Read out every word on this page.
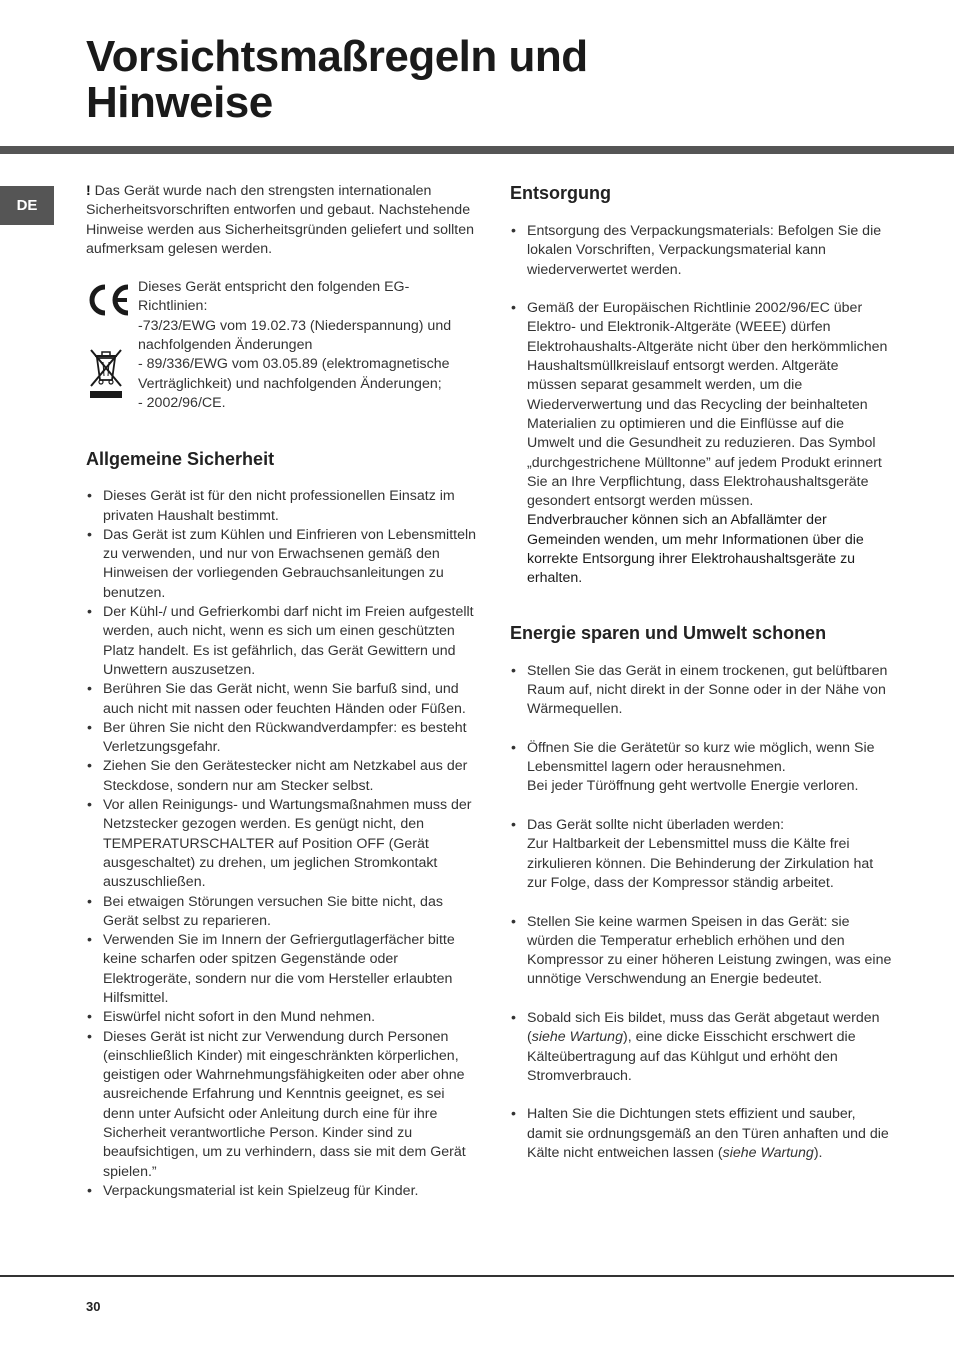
Vorsichtsmaßregeln und
Hinweise
DE

! Das Gerät wurde nach den strengsten internationalen Sicherheitsvorschriften entworfen und gebaut. Nachstehende Hinweise werden aus Sicherheitsgründen geliefert und sollten aufmerksam gelesen werden.

Dieses Gerät entspricht den folgenden EG-Richtlinien:

-73/23/EWG vom 19.02.73 (Niederspannung) und nachfolgenden Änderungen

- 89/336/EWG vom 03.05.89 (elektromagnetische Verträglichkeit) und nachfolgenden Änderungen;

- 2002/96/CE.

Allgemeine Sicherheit
• Dieses Gerät ist für den nicht professionellen Einsatz im privaten Haushalt bestimmt.
• Das Gerät ist zum Kühlen und Einfrieren von Lebensmitteln zu verwenden, und nur von Erwachsenen gemäß den Hinweisen der vorliegenden Gebrauchsanleitungen zu benutzen.
• Der Kühl-/ und Gefrierkombi darf nicht im Freien aufgestellt werden, auch nicht, wenn es sich um einen geschützten Platz handelt. Es ist gefährlich, das Gerät Gewittern und Unwettern auszusetzen.
• Berühren Sie das Gerät nicht, wenn Sie barfuß sind, und auch nicht mit nassen oder feuchten Händen oder Füßen.
• Ber ühren Sie nicht den Rückwandverdampfer: es besteht Verletzungsgefahr.
• Ziehen Sie den Gerätestecker nicht am Netzkabel aus der Steckdose, sondern nur am Stecker selbst.
• Vor allen Reinigungs- und Wartungsmaßnahmen muss der Netzstecker gezogen werden. Es genügt nicht, den TEMPERATURSCHALTER auf Position OFF (Gerät ausgeschaltet) zu drehen, um jeglichen Stromkontakt auszuschließen.
• Bei etwaigen Störungen versuchen Sie bitte nicht, das Gerät selbst zu reparieren.
• Verwenden Sie im Innern der Gefriergutlagerfächer bitte keine scharfen oder spitzen Gegenstände oder Elektrogeräte, sondern nur die vom Hersteller erlaubten Hilfsmittel.
• Eiswürfel nicht sofort in den Mund nehmen.
• Dieses Gerät ist nicht zur Verwendung durch Personen (einschließlich Kinder) mit eingeschränkten körperlichen, geistigen oder Wahrnehmungsfähigkeiten oder aber ohne ausreichende Erfahrung und Kenntnis geeignet, es sei denn unter Aufsicht oder Anleitung durch eine für ihre Sicherheit verantwortliche Person. Kinder sind zu beaufsichtigen, um zu verhindern, dass sie mit dem Gerät spielen.”
• Verpackungsmaterial ist kein Spielzeug für Kinder.
Entsorgung
• Entsorgung des Verpackungsmaterials: Befolgen Sie die lokalen Vorschriften, Verpackungsmaterial kann wiederverwertet werden.
• Gemäß der Europäischen Richtlinie 2002/96/EC über Elektro- und Elektronik-Altgeräte (WEEE) dürfen Elektrohaushalts-Altgeräte nicht über den herkömmlichen Haushaltsmüllkreislauf entsorgt werden. Altgeräte müssen separat gesammelt werden, um die Wiederverwertung und das Recycling der beinhalteten Materialien zu optimieren und die Einflüsse auf die Umwelt und die Gesundheit zu reduzieren. Das Symbol „durchgestrichene Mülltonne” auf jedem Produkt erinnert Sie an Ihre Verpflichtung, dass Elektrohaushaltsgeräte gesondert entsorgt werden müssen.
Endverbraucher können sich an Abfallämter der Gemeinden wenden, um mehr Informationen über die korrekte Entsorgung ihrer Elektrohaushaltsgeräte zu erhalten.
Energie sparen und Umwelt schonen
• Stellen Sie das Gerät in einem trockenen, gut belüftbaren Raum auf, nicht direkt in der Sonne oder in der Nähe von Wärmequellen.
• Öffnen Sie die Gerätetür so kurz wie möglich, wenn Sie Lebensmittel lagern oder herausnehmen.
Bei jeder Türöffnung geht wertvolle Energie verloren.
• Das Gerät sollte nicht überladen werden:
Zur Haltbarkeit der Lebensmittel muss die Kälte frei zirkulieren können. Die Behinderung der Zirkulation hat zur Folge, dass der Kompressor ständig arbeitet.
• Stellen Sie keine warmen Speisen in das Gerät: sie würden die Temperatur erheblich erhöhen und den Kompressor zu einer höheren Leistung zwingen, was eine unnötige Verschwendung an Energie bedeutet.
• Sobald sich Eis bildet, muss das Gerät abgetaut werden (siehe Wartung), eine dicke Eisschicht erschwert die Kälteübertragung auf das Kühlgut und erhöht den Stromverbrauch.
• Halten Sie die Dichtungen stets effizient und sauber, damit sie ordnungsgemäß an den Türen anhaften und die Kälte nicht entweichen lassen (siehe Wartung).
30
